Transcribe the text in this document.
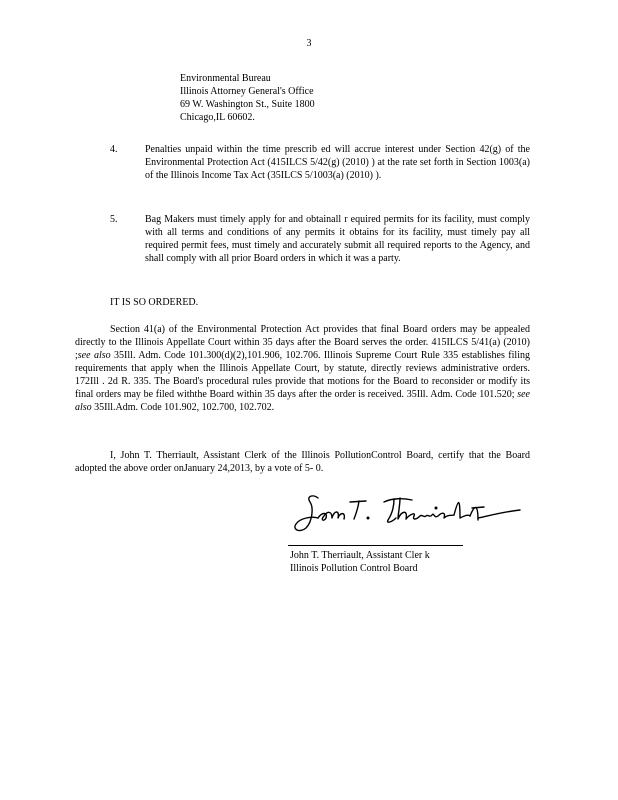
3
Environmental Bureau
Illinois Attorney General's Office
69 W. Washington St., Suite 1800
Chicago,IL 60602.
4.	Penalties unpaid within the time prescrib ed will accrue interest under Section 42(g) of the Environmental Protection Act (415ILCS 5/42(g) (2010) ) at the rate set forth in Section 1003(a) of the Illinois Income Tax Act (35ILCS 5/1003(a) (2010) ).
5.	Bag Makers must timely apply for and obtainall r equired permits for its facility, must comply with all terms and conditions of any permits it obtains for its facility, must timely pay all required permit fees, must timely and accurately submit all required reports to the Agency, and shall comply with all prior Board orders in which it was a party.
IT IS SO ORDERED.
Section 41(a) of the Environmental Protection Act provides that final Board orders may be appealed directly to the Illinois Appellate Court within 35 days after the Board serves the order. 415ILCS 5/41(a) (2010) ;see also 35Ill. Adm. Code 101.300(d)(2),101.906, 102.706. Illinois Supreme Court Rule 335 establishes filing requirements that apply when the Illinois Appellate Court, by statute, directly reviews administrative orders. 172Ill . 2d R. 335. The Board's procedural rules provide that motions for the Board to reconsider or modify its final orders may be filed withthe Board within 35 days after the order is received. 35Ill. Adm. Code 101.520; see also 35Ill.Adm. Code 101.902, 102.700, 102.702.
I, John T. Therriault, Assistant Clerk of the Illinois PollutionControl Board, certify that the Board adopted the above order onJanuary 24,2013, by a vote of 5- 0.
John T. Therriault, Assistant Cler k
Illinois Pollution Control Board
